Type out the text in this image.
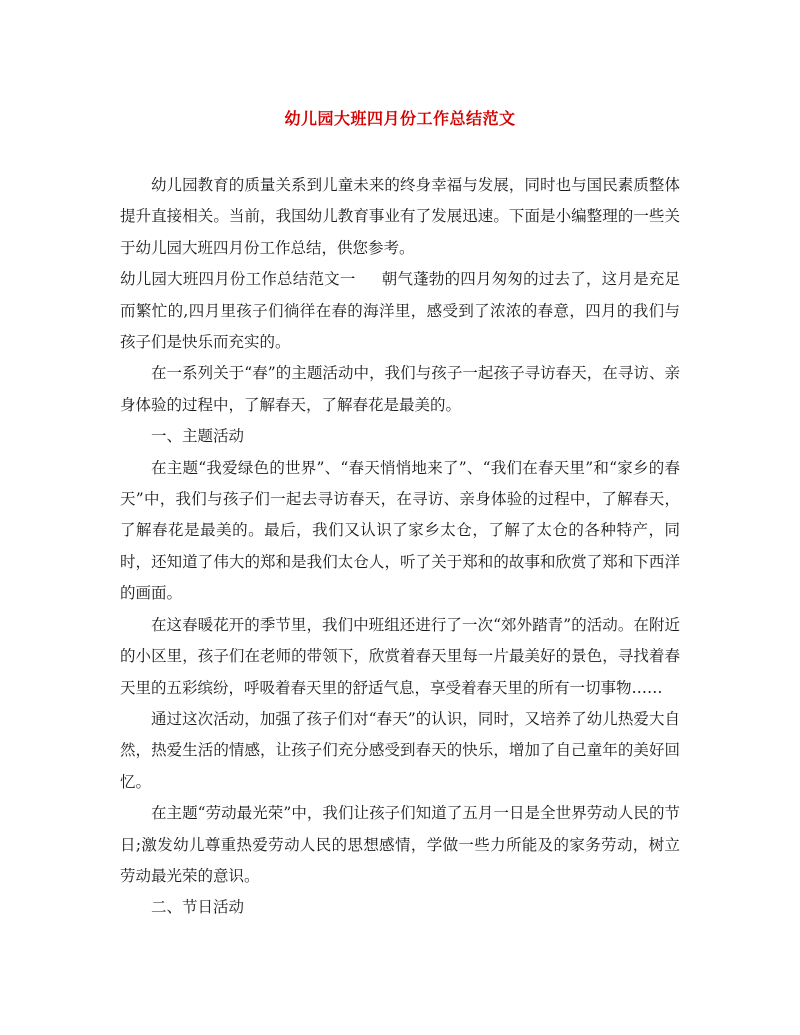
幼儿园大班四月份工作总结范文

幼儿园教育的质量关系到儿童未来的终身幸福与发展，同时也与国民素质整体提升直接相关。当前，我国幼儿教育事业有了发展迅速。下面是小编整理的一些关于幼儿园大班四月份工作总结，供您参考。

幼儿园大班四月份工作总结范文一 朝气蓬勃的四月匆匆的过去了，这月是充足而繁忙的,四月里孩子们徜徉在春的海洋里，感受到了浓浓的春意，四月的我们与孩子们是快乐而充实的。

在一系列关于“春”的主题活动中，我们与孩子一起孩子寻访春天，在寻访、亲身体验的过程中，了解春天，了解春花是最美的。

一、主题活动

在主题“我爱绿色的世界”、“春天悄悄地来了”、“我们在春天里”和“家乡的春天”中，我们与孩子们一起去寻访春天，在寻访、亲身体验的过程中，了解春天，了解春花是最美的。最后，我们又认识了家乡太仓，了解了太仓的各种特产，同时，还知道了伟大的郑和是我们太仓人，听了关于郑和的故事和欣赏了郑和下西洋的画面。

在这春暖花开的季节里，我们中班组还进行了一次“郊外踏青”的活动。在附近的小区里，孩子们在老师的带领下，欣赏着春天里每一片最美好的景色，寻找着春天里的五彩缤纷，呼吸着春天里的舒适气息，享受着春天里的所有一切事物……

通过这次活动，加强了孩子们对“春天”的认识，同时，又培养了幼儿热爱大自然，热爱生活的情感，让孩子们充分感受到春天的快乐，增加了自己童年的美好回忆。

在主题“劳动最光荣”中，我们让孩子们知道了五月一日是全世界劳动人民的节日;激发幼儿尊重热爱劳动人民的思想感情，学做一些力所能及的家务劳动，树立劳动最光荣的意识。

二、节日活动
